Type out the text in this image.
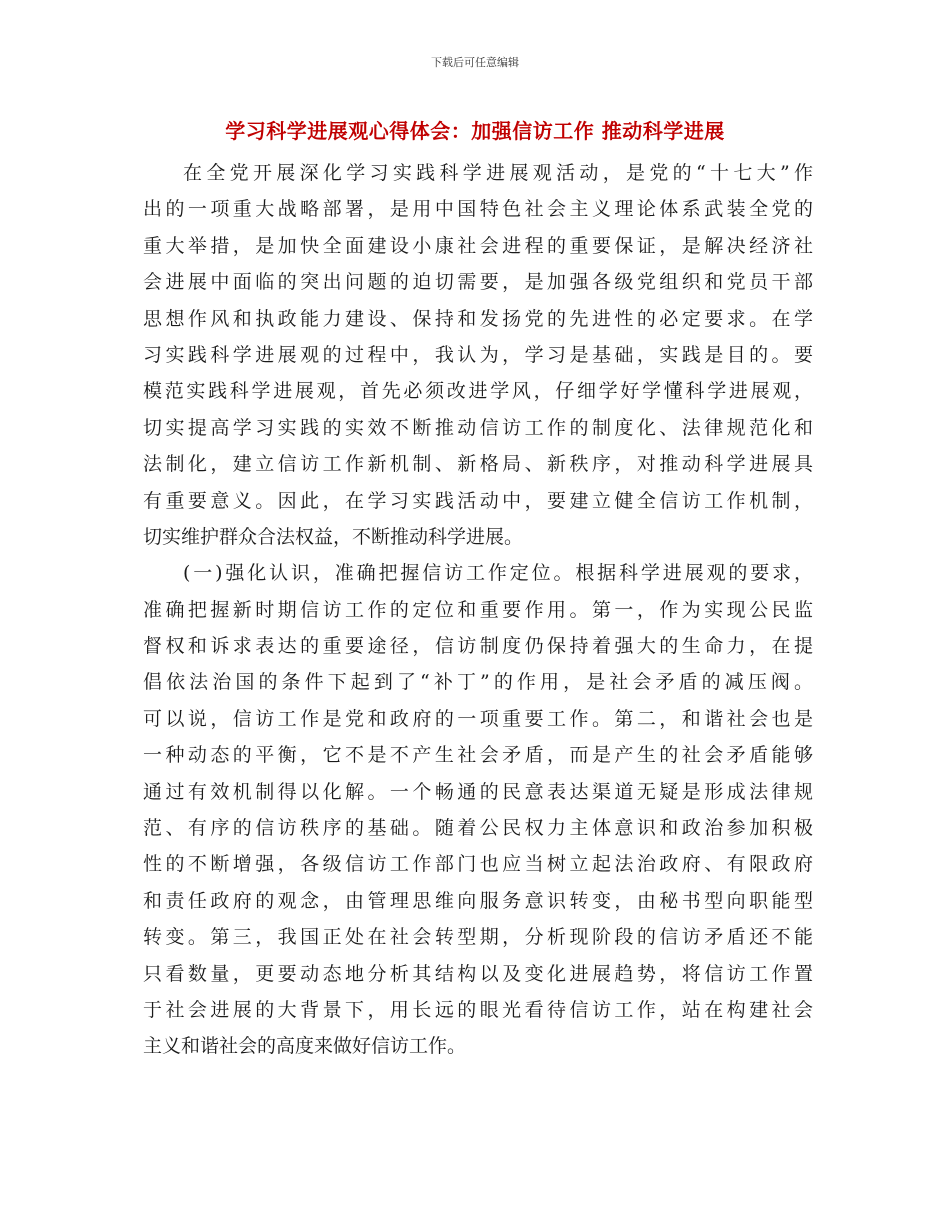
下载后可任意编辑
学习科学进展观心得体会：加强信访工作 推动科学进展
在全党开展深化学习实践科学进展观活动，是党的“十七大”作
出的一项重大战略部署，是用中国特色社会主义理论体系武装全党的
重大举措，是加快全面建设小康社会进程的重要保证，是解决经济社
会进展中面临的突出问题的迫切需要，是加强各级党组织和党员干部
思想作风和执政能力建设、保持和发扬党的先进性的必定要求。在学
习实践科学进展观的过程中，我认为，学习是基础，实践是目的。要
模范实践科学进展观，首先必须改进学风，仔细学好学懂科学进展观，
切实提高学习实践的实效不断推动信访工作的制度化、法律规范化和
法制化，建立信访工作新机制、新格局、新秩序，对推动科学进展具
有重要意义。因此，在学习实践活动中，要建立健全信访工作机制，
切实维护群众合法权益，不断推动科学进展。
(一)强化认识，准确把握信访工作定位。根据科学进展观的要求，
准确把握新时期信访工作的定位和重要作用。第一，作为实现公民监
督权和诉求表达的重要途径，信访制度仍保持着强大的生命力，在提
倡依法治国的条件下起到了“补丁”的作用，是社会矛盾的减压阀。
可以说，信访工作是党和政府的一项重要工作。第二，和谐社会也是
一种动态的平衡，它不是不产生社会矛盾，而是产生的社会矛盾能够
通过有效机制得以化解。一个畅通的民意表达渠道无疑是形成法律规
范、有序的信访秩序的基础。随着公民权力主体意识和政治参加积极
性的不断增强，各级信访工作部门也应当树立起法治政府、有限政府
和责任政府的观念，由管理思维向服务意识转变，由秘书型向职能型
转变。第三，我国正处在社会转型期，分析现阶段的信访矛盾还不能
只看数量，更要动态地分析其结构以及变化进展趋势，将信访工作置
于社会进展的大背景下，用长远的眼光看待信访工作，站在构建社会
主义和谐社会的高度来做好信访工作。
